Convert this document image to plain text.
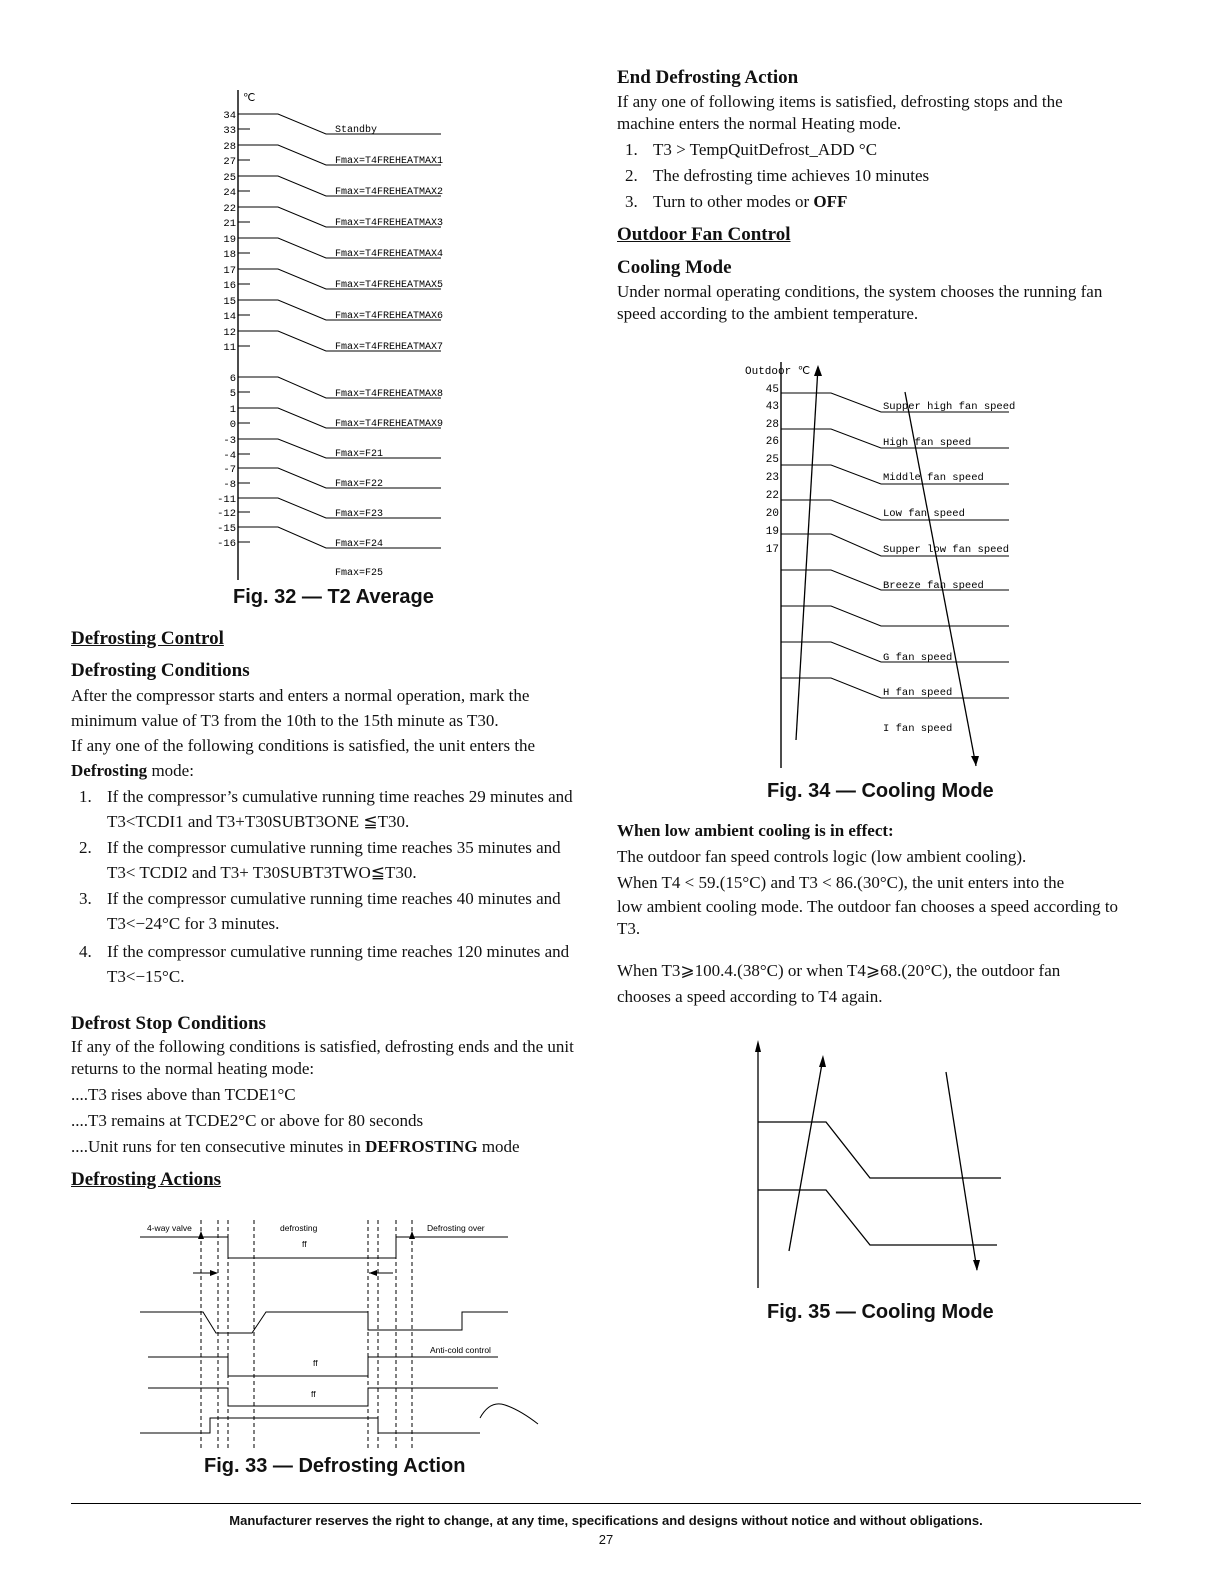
℃
34
33
28
27
25
24
22
21
19
18
17
16
15
14
12
11
6
5
1
0
-3
-4
-7
-8
-11
-12
-15
-16
Standby
Fmax=T4FREHEATMAX1
Fmax=T4FREHEATMAX2
Fmax=T4FREHEATMAX3
Fmax=T4FREHEATMAX4
Fmax=T4FREHEATMAX5
Fmax=T4FREHEATMAX6
Fmax=T4FREHEATMAX7
Fmax=T4FREHEATMAX8
Fmax=T4FREHEATMAX9
Fmax=F21
Fmax=F22
Fmax=F23
Fmax=F24
Fmax=F25
Fig. 32 — T2 Average

Defrosting Control

Defrosting Conditions

After the compressor starts and enters a normal operation, mark the

minimum value of T3 from the 10th to the 15th minute as T30.

If any one of the following conditions is satisfied, the unit enters the

Defrosting mode:

1. If the compressor’s cumulative running time reaches 29 minutes and
T3<TCDI1 and T3+T30SUBT3ONE ≦T30.
2. If the compressor cumulative running time reaches 35 minutes and
T3< TCDI2 and T3+ T30SUBT3TWO≦T30.
3. If the compressor cumulative running time reaches 40 minutes and
T3<−24°C for 3 minutes.
4. If the compressor cumulative running time reaches 120 minutes and
T3<−15°C.

Defrost Stop Conditions

If any of the following conditions is satisfied, defrosting ends and the unit

returns to the normal heating mode:

....T3 rises above than TCDE1°C

....T3 remains at TCDE2°C or above for 80 seconds

....Unit runs for ten consecutive minutes in DEFROSTING mode

Defrosting Actions

4-way valve	defrosting
ff
Defrosting over
Anti-cold control
ff
ff
Fig. 33 — Defrosting Action

End Defrosting Action

If any one of following items is satisfied, defrosting stops and the

machine enters the normal Heating mode.

1. T3 > TempQuitDefrost_ADD °C
2. The defrosting time achieves 10 minutes
3. Turn to other modes or OFF

Outdoor Fan Control

Cooling Mode

Under normal operating conditions, the system chooses the running fan

speed according to the ambient temperature.

Outdoor ℃
45
43
28
26
25
23
22
20
19
17
Supper high fan speed
High fan speed
Middle fan speed
Low fan speed
Supper low fan speed
Breeze fan speed
G fan speed
H fan speed
I fan speed
Fig. 34 — Cooling Mode

When low ambient cooling is in effect:

The outdoor fan speed controls logic (low ambient cooling).

When T4 < 59.(15°C) and T3 < 86.(30°C), the unit enters into the

low ambient cooling mode. The outdoor fan chooses a speed according to

T3.

When T3⩾100.4.(38°C) or when T4⩾68.(20°C), the outdoor fan

chooses a speed according to T4 again.

Fig. 35 — Cooling Mode
Manufacturer reserves the right to change, at any time, specifications and designs without notice and without obligations.
27
